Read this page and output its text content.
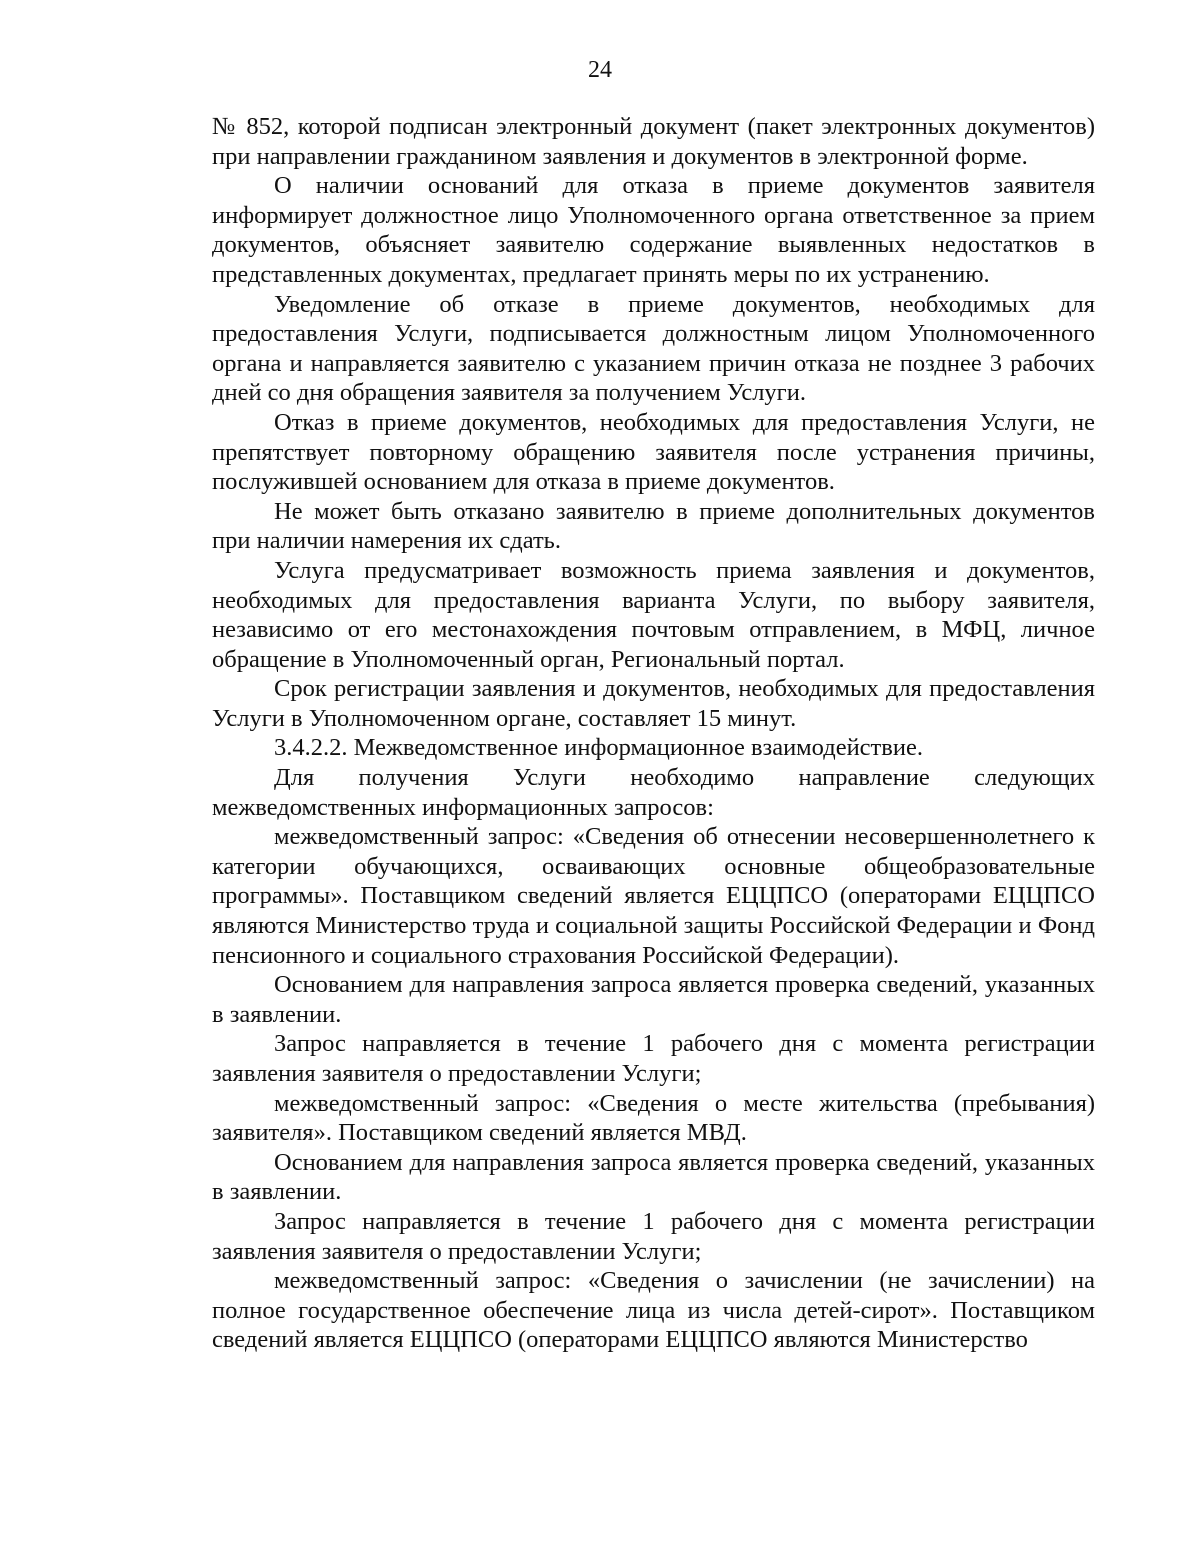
24

№ 852, которой подписан электронный документ (пакет электронных документов) при направлении гражданином заявления и документов в электронной форме.

О наличии оснований для отказа в приеме документов заявителя информирует должностное лицо Уполномоченного органа ответственное за прием документов, объясняет заявителю содержание выявленных недостатков в представленных документах, предлагает принять меры по их устранению.

Уведомление об отказе в приеме документов, необходимых для предоставления Услуги, подписывается должностным лицом Уполномоченного органа и направляется заявителю с указанием причин отказа не позднее 3 рабочих дней со дня обращения заявителя за получением Услуги.

Отказ в приеме документов, необходимых для предоставления Услуги, не препятствует повторному обращению заявителя после устранения причины, послужившей основанием для отказа в приеме документов.

Не может быть отказано заявителю в приеме дополнительных документов при наличии намерения их сдать.

Услуга предусматривает возможность приема заявления и документов, необходимых для предоставления варианта Услуги, по выбору заявителя, независимо от его местонахождения почтовым отправлением, в МФЦ, личное обращение в Уполномоченный орган, Региональный портал.

Срок регистрации заявления и документов, необходимых для предоставления Услуги в Уполномоченном органе, составляет 15 минут.

3.4.2.2. Межведомственное информационное взаимодействие.

Для получения Услуги необходимо направление следующих межведомственных информационных запросов:

межведомственный запрос: «Сведения об отнесении несовершеннолетнего к категории обучающихся, осваивающих основные общеобразовательные программы». Поставщиком сведений является ЕЦЦПСО (операторами ЕЦЦПСО являются Министерство труда и социальной защиты Российской Федерации и Фонд пенсионного и социального страхования Российской Федерации).

Основанием для направления запроса является проверка сведений, указанных в заявлении.

Запрос направляется в течение 1 рабочего дня с момента регистрации заявления заявителя о предоставлении Услуги;

межведомственный запрос: «Сведения о месте жительства (пребывания) заявителя». Поставщиком сведений является МВД.

Основанием для направления запроса является проверка сведений, указанных в заявлении.

Запрос направляется в течение 1 рабочего дня с момента регистрации заявления заявителя о предоставлении Услуги;

межведомственный запрос: «Сведения о зачислении (не зачислении) на полное государственное обеспечение лица из числа детей-сирот». Поставщиком сведений является ЕЦЦПСО (операторами ЕЦЦПСО являются Министерство
